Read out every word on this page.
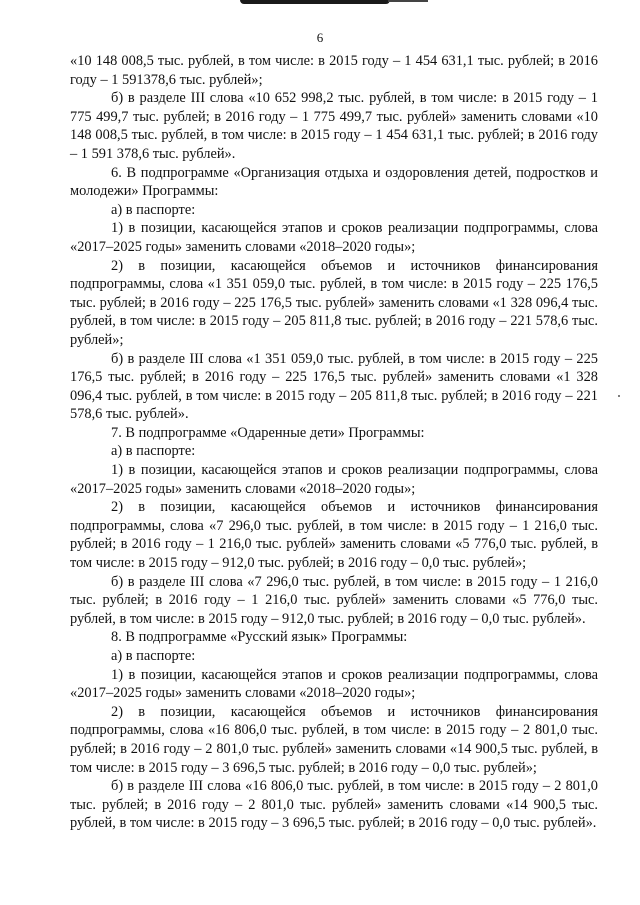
6

«10 148 008,5 тыс. рублей, в том числе: в 2015 году – 1 454 631,1 тыс. рублей; в 2016 году – 1 591378,6 тыс. рублей»;

б) в разделе III слова «10 652 998,2 тыс. рублей, в том числе: в 2015 году – 1 775 499,7 тыс. рублей; в 2016 году – 1 775 499,7 тыс. рублей» заменить словами «10 148 008,5 тыс. рублей, в том числе: в 2015 году – 1 454 631,1 тыс. рублей; в 2016 году – 1 591 378,6 тыс. рублей».

6. В подпрограмме «Организация отдыха и оздоровления детей, подростков и молодежи» Программы:

а) в паспорте:

1) в позиции, касающейся этапов и сроков реализации подпрограммы, слова «2017–2025 годы» заменить словами «2018–2020 годы»;

2) в позиции, касающейся объемов и источников финансирования подпрограммы, слова «1 351 059,0 тыс. рублей, в том числе: в 2015 году – 225 176,5 тыс. рублей; в 2016 году – 225 176,5 тыс. рублей» заменить словами «1 328 096,4 тыс. рублей, в том числе: в 2015 году – 205 811,8 тыс. рублей; в 2016 году – 221 578,6 тыс. рублей»;

б) в разделе III слова «1 351 059,0 тыс. рублей, в том числе: в 2015 году – 225 176,5 тыс. рублей; в 2016 году – 225 176,5 тыс. рублей» заменить словами «1 328 096,4 тыс. рублей, в том числе: в 2015 году – 205 811,8 тыс. рублей; в 2016 году – 221 578,6 тыс. рублей».

7. В подпрограмме «Одаренные дети» Программы:

а) в паспорте:

1) в позиции, касающейся этапов и сроков реализации подпрограммы, слова «2017–2025 годы» заменить словами «2018–2020 годы»;

2) в позиции, касающейся объемов и источников финансирования подпрограммы, слова «7 296,0 тыс. рублей, в том числе: в 2015 году – 1 216,0 тыс. рублей; в 2016 году – 1 216,0 тыс. рублей» заменить словами «5 776,0 тыс. рублей, в том числе: в 2015 году – 912,0 тыс. рублей; в 2016 году – 0,0 тыс. рублей»;

б) в разделе III слова «7 296,0 тыс. рублей, в том числе: в 2015 году – 1 216,0 тыс. рублей; в 2016 году – 1 216,0 тыс. рублей» заменить словами «5 776,0 тыс. рублей, в том числе: в 2015 году – 912,0 тыс. рублей; в 2016 году – 0,0 тыс. рублей».

8. В подпрограмме «Русский язык» Программы:

а) в паспорте:

1) в позиции, касающейся этапов и сроков реализации подпрограммы, слова «2017–2025 годы» заменить словами «2018–2020 годы»;

2) в позиции, касающейся объемов и источников финансирования подпрограммы, слова «16 806,0 тыс. рублей, в том числе: в 2015 году – 2 801,0 тыс. рублей; в 2016 году – 2 801,0 тыс. рублей» заменить словами «14 900,5 тыс. рублей, в том числе: в 2015 году – 3 696,5 тыс. рублей; в 2016 году – 0,0 тыс. рублей»;

б) в разделе III слова «16 806,0 тыс. рублей, в том числе: в 2015 году – 2 801,0 тыс. рублей; в 2016 году – 2 801,0 тыс. рублей» заменить словами «14 900,5 тыс. рублей, в том числе: в 2015 году – 3 696,5 тыс. рублей; в 2016 году – 0,0 тыс. рублей».
